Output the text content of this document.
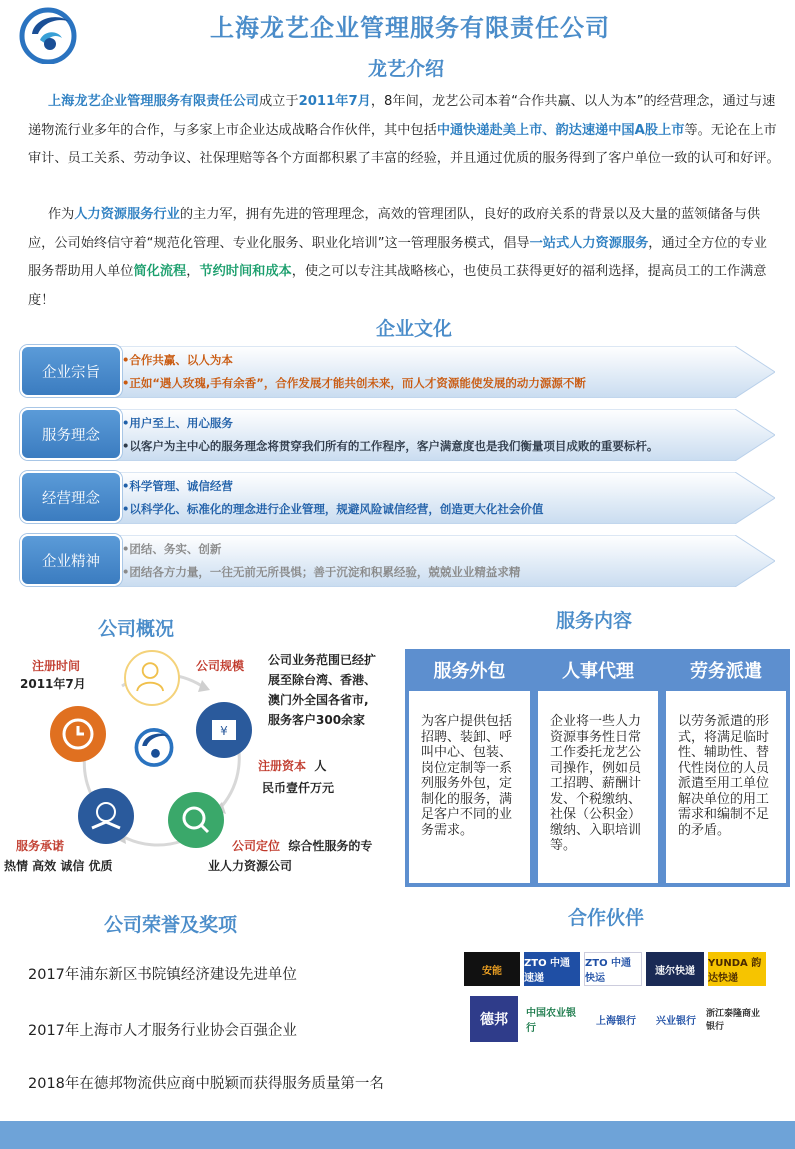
上海龙艺企业管理服务有限责任公司
龙艺介绍
上海龙艺企业管理服务有限责任公司成立于2011年7月，8年间，龙艺公司本着“合作共赢、以人为本”的经营理念，通过与速递物流行业多年的合作，与多家上市企业达成战略合作伙伴，其中包括中通快递赴美上市、韵达速递中国A股上市等。无论在上市审计、员工关系、劳动争议、社保理赔等各个方面都积累了丰富的经验，并且通过优质的服务得到了客户单位一致的认可和好评。
作为人力资源服务行业的主力军，拥有先进的管理理念，高效的管理团队，良好的政府关系的背景以及大量的蓝领储备与供应，公司始终信守着“规范化管理、专业化服务、职业化培训”这一管理服务模式，倡导一站式人力资源服务，通过全方位的专业服务帮助用人单位简化流程，节约时间和成本，使之可以专注其战略核心，也使员工获得更好的福利选择，提高员工的工作满意度！
企业文化
企业宗旨
•合作共赢、以人为本
•正如“遇人玫瑰,手有余香”，合作发展才能共创未来，而人才资源能使发展的动力源源不断
服务理念
•用户至上、用心服务
•以客户为主中心的服务理念将贯穿我们所有的工作程序，客户满意度也是我们衡量项目成败的重要标杆。
经营理念
•科学管理、诚信经营
•以科学化、标准化的理念进行企业管理，规避风险诚信经营，创造更大化社会价值
企业精神
•团结、务实、创新
•团结各方力量，一往无前无所畏惧；善于沉淀和积累经验，兢兢业业精益求精
公司概况
¥
注册时间
2011年7月
公司规模 公司业务范围已经扩
展至除台湾、香港、
澳门外全国各省市,
服务客户300余家
注册资本 人
民币壹仟万元
公司定位 综合性服务的专
业人力资源公司
服务承诺
热情 高效 诚信 优质
服务内容
服务外包
为客户提供包括招聘、装卸、呼叫中心、包装、岗位定制等一系列服务外包，定制化的服务，满足客户不同的业务需求。
人事代理
企业将一些人力资源事务性日常工作委托龙艺公司操作，例如员工招聘、薪酬计发、个税缴纳、社保（公积金）缴纳、入职培训等。
劳务派遣
以劳务派遣的形式，将满足临时性、辅助性、替代性岗位的人员派遣至用工单位解决单位的用工需求和编制不足的矛盾。
公司荣誉及奖项
2017年浦东新区书院镇经济建设先进单位
2017年上海市人才服务行业协会百强企业
2018年在德邦物流供应商中脱颖而获得服务质量第一名
合作伙伴
安能
ZTO 中通速递
ZTO 中通快运
速尔快递
YUNDA 韵达快递
德邦	中国农业银行
上海银行	兴业银行
浙江泰隆商业银行
